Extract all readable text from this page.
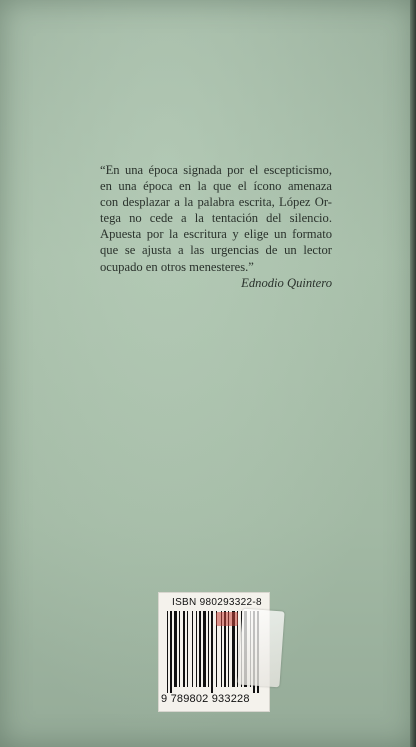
“En una época signada por el escepticismo,
en una época en la que el ícono amenaza
con desplazar a la palabra escrita, López Or-
tega no cede a la tentación del silencio.
Apuesta por la escritura y elige un formato
que se ajusta a las urgencias de un lector
ocupado en otros menesteres.”
Ednodio Quintero
ISBN 980293322-8
9 789802 933228
